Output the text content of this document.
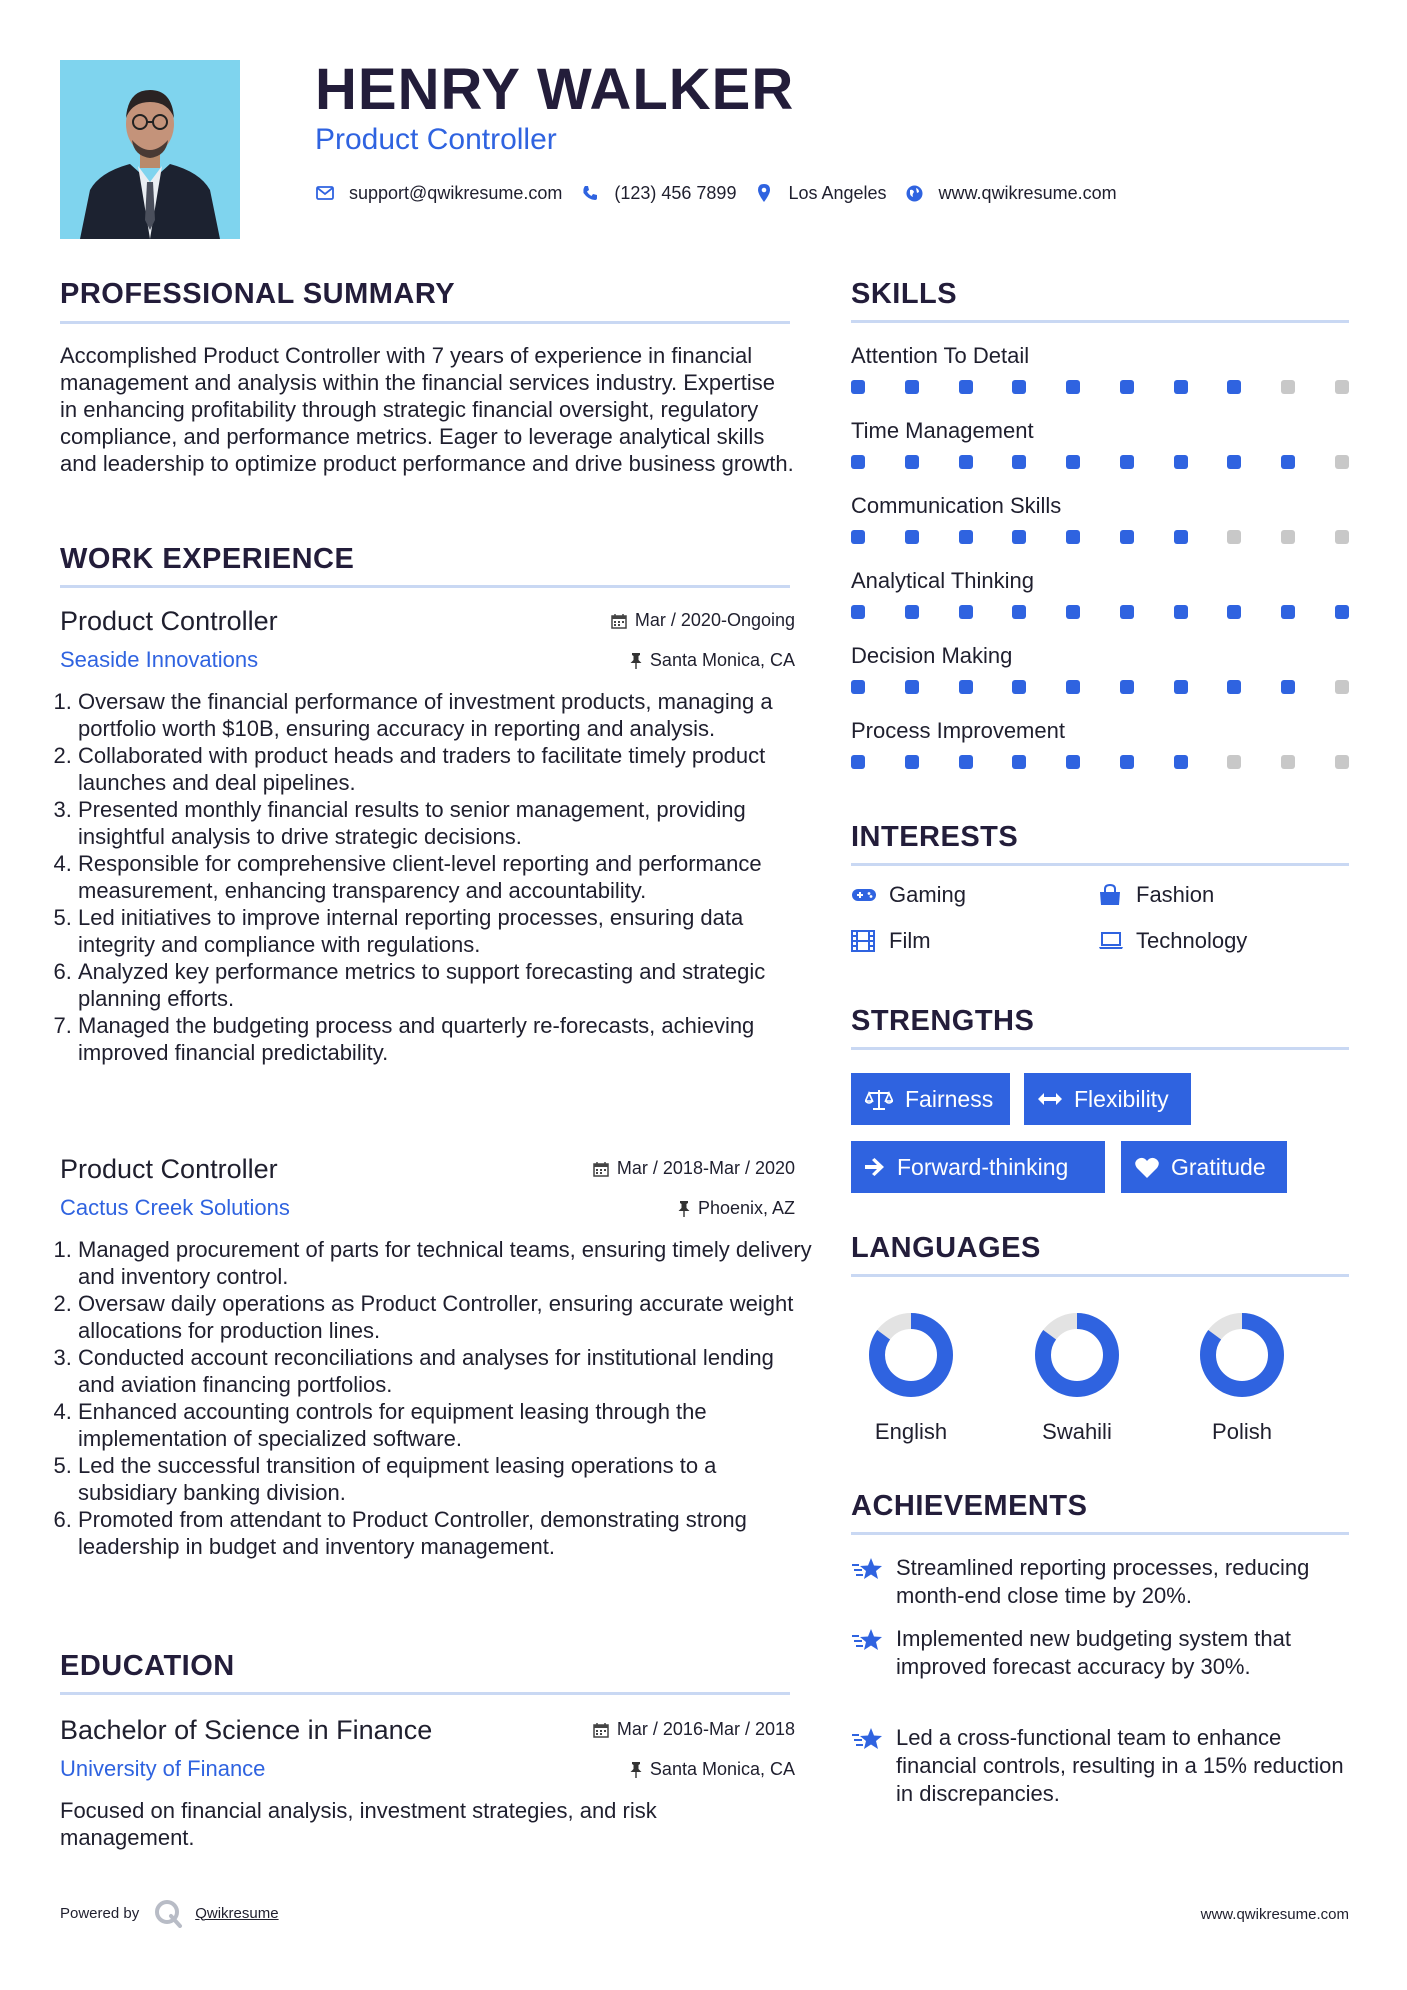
HENRY WALKER
Product Controller
support@qwikresume.com	(123) 456 7899	Los Angeles	www.qwikresume.com
PROFESSIONAL SUMMARY
Accomplished Product Controller with 7 years of experience in financial management and analysis within the financial services industry. Expertise in enhancing profitability through strategic financial oversight, regulatory compliance, and performance metrics. Eager to leverage analytical skills and leadership to optimize product performance and drive business growth.
WORK EXPERIENCE
Product Controller	Mar / 2020-Ongoing
Seaside Innovations	Santa Monica, CA
1. Oversaw the financial performance of investment products, managing a portfolio worth $10B, ensuring accuracy in reporting and analysis.
2. Collaborated with product heads and traders to facilitate timely product launches and deal pipelines.
3. Presented monthly financial results to senior management, providing insightful analysis to drive strategic decisions.
4. Responsible for comprehensive client-level reporting and performance measurement, enhancing transparency and accountability.
5. Led initiatives to improve internal reporting processes, ensuring data integrity and compliance with regulations.
6. Analyzed key performance metrics to support forecasting and strategic planning efforts.
7. Managed the budgeting process and quarterly re-forecasts, achieving improved financial predictability.
Product Controller	Mar / 2018-Mar / 2020
Cactus Creek Solutions	Phoenix, AZ
1. Managed procurement of parts for technical teams, ensuring timely delivery and inventory control.
2. Oversaw daily operations as Product Controller, ensuring accurate weight allocations for production lines.
3. Conducted account reconciliations and analyses for institutional lending and aviation financing portfolios.
4. Enhanced accounting controls for equipment leasing through the implementation of specialized software.
5. Led the successful transition of equipment leasing operations to a subsidiary banking division.
6. Promoted from attendant to Product Controller, demonstrating strong leadership in budget and inventory management.
EDUCATION
Bachelor of Science in Finance	Mar / 2016-Mar / 2018
University of Finance	Santa Monica, CA
Focused on financial analysis, investment strategies, and risk management.
SKILLS
Attention To Detail
Time Management
Communication Skills
Analytical Thinking
Decision Making
Process Improvement
INTERESTS
Gaming	Fashion
Film	Technology
STRENGTHS
Fairness	Flexibility
Forward-thinking	Gratitude
LANGUAGES
English	Swahili	Polish
ACHIEVEMENTS
Streamlined reporting processes, reducing month-end close time by 20%.
Implemented new budgeting system that improved forecast accuracy by 30%.
Led a cross-functional team to enhance financial controls, resulting in a 15% reduction in discrepancies.
Powered by	Qwikresume	www.qwikresume.com
